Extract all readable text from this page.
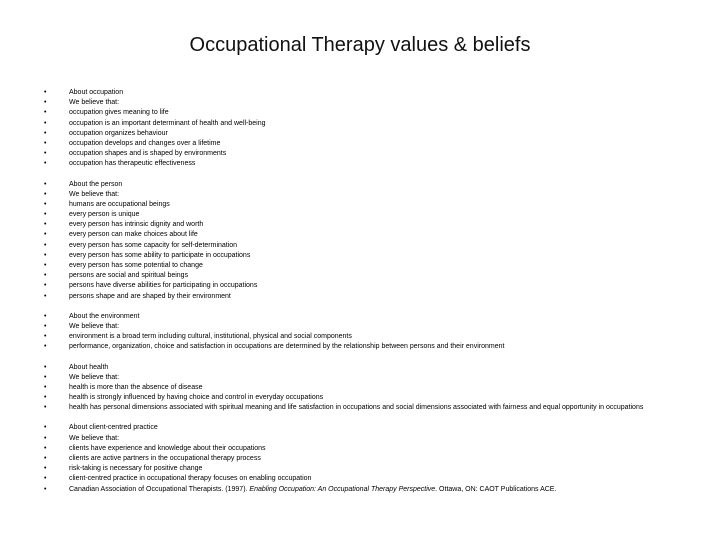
Occupational Therapy values & beliefs
•	About occupation
•	We believe that:
•	occupation gives meaning to life
•	occupation is an important determinant of health and well-being
•	occupation organizes behaviour
•	occupation develops and changes over a lifetime
•	occupation shapes and is shaped by environments
•	occupation has therapeutic effectiveness
•	About the person
•	We believe that:
•	humans are occupational beings
•	every person is unique
•	every person has intrinsic dignity and worth
•	every person can make choices about life
•	every person has some capacity for self-determination
•	every person has some ability to participate in occupations
•	every person has some potential to change
•	persons are social and spiritual beings
•	persons have diverse abilities for participating in occupations
•	persons shape and are shaped by their environment
•	About the environment
•	We believe that:
•	environment is a broad term including cultural, institutional, physical and social components
•	performance, organization, choice and satisfaction in occupations are determined by the relationship between persons and their environment
•	About health
•	We believe that:
•	health is more than the absence of disease
•	health is strongly influenced by having choice and control in everyday occupations
•	health has personal dimensions associated with spiritual meaning and life satisfaction in occupations and social dimensions associated with fairness and equal opportunity in occupations
•	About client-centred practice
•	We believe that:
•	clients have experience and knowledge about their occupations
•	clients are active partners in the occupational therapy process
•	risk-taking is necessary for positive change
•	client-centred practice in occupational therapy focuses on enabling occupation
•	Canadian Association of Occupational Therapists. (1997). Enabling Occupation: An Occupational Therapy Perspective. Ottawa, ON: CAOT Publications ACE.
